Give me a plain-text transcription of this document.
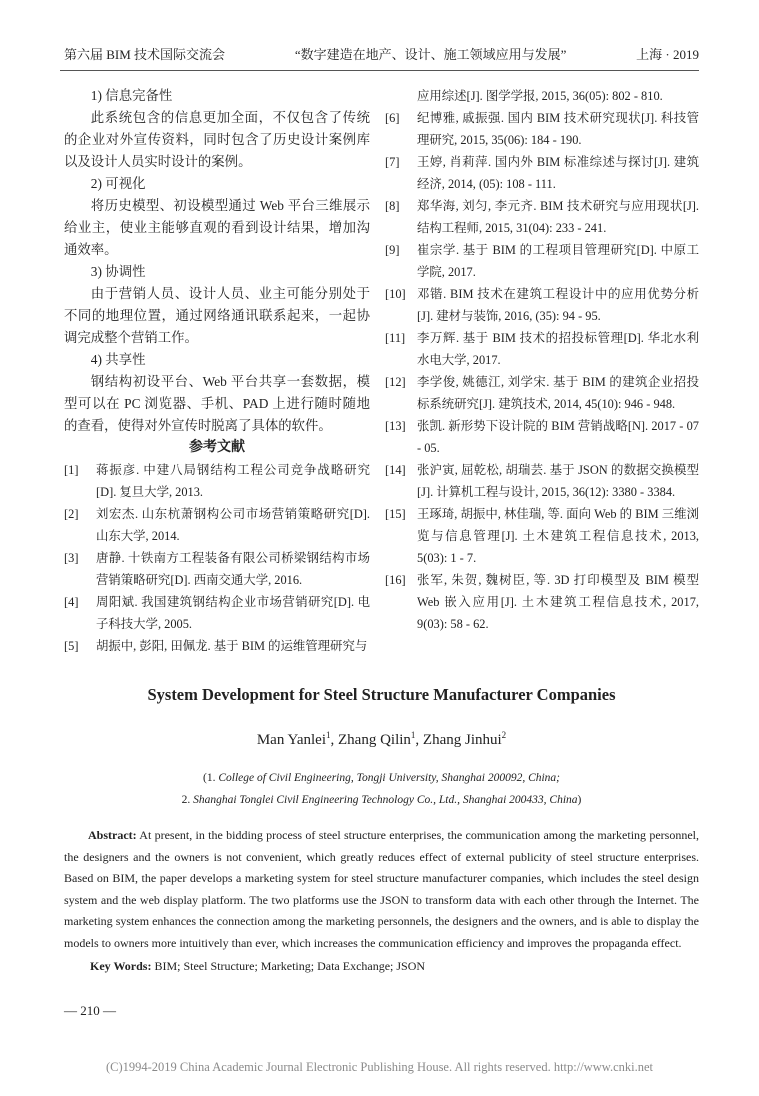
第六届 BIM 技术国际交流会	“数字建造在地产、设计、施工领域应用与发展”	上海 · 2019

1) 信息完备性

此系统包含的信息更加全面，不仅包含了传统的企业对外宣传资料，同时包含了历史设计案例库以及设计人员实时设计的案例。

2) 可视化

将历史模型、初设模型通过 Web 平台三维展示给业主，使业主能够直观的看到设计结果，增加沟通效率。

3) 协调性

由于营销人员、设计人员、业主可能分别处于不同的地理位置，通过网络通讯联系起来，一起协调完成整个营销工作。

4) 共享性

钢结构初设平台、Web 平台共享一套数据，模型可以在 PC 浏览器、手机、PAD 上进行随时随地的查看，使得对外宣传时脱离了具体的软件。

参考文献

[1]	蒋振彦. 中建八局钢结构工程公司竞争战略研究[D]. 复旦大学, 2013.
[2]	刘宏杰. 山东杭萧钢构公司市场营销策略研究[D]. 山东大学, 2014.
[3]	唐静. 十铁南方工程装备有限公司桥梁钢结构市场营销策略研究[D]. 西南交通大学, 2016.
[4]	周阳斌. 我国建筑钢结构企业市场营销研究[D]. 电子科技大学, 2005.
[5]	胡振中, 彭阳, 田佩龙. 基于 BIM 的运维管理研究与
应用综述[J]. 图学学报, 2015, 36(05): 802 - 810.
[6]	纪博雅, 戚振强. 国内 BIM 技术研究现状[J]. 科技管理研究, 2015, 35(06): 184 - 190.
[7]	王婷, 肖莉萍. 国内外 BIM 标准综述与探讨[J]. 建筑经济, 2014, (05): 108 - 111.
[8]	郑华海, 刘匀, 李元齐. BIM 技术研究与应用现状[J]. 结构工程师, 2015, 31(04): 233 - 241.
[9]	崔宗学. 基于 BIM 的工程项目管理研究[D]. 中原工学院, 2017.
[10] 邓锴. BIM 技术在建筑工程设计中的应用优势分析[J]. 建材与装饰, 2016, (35): 94 - 95.
[11] 李万辉. 基于 BIM 技术的招投标管理[D]. 华北水利水电大学, 2017.
[12] 李学俊, 姚德江, 刘学宋. 基于 BIM 的建筑企业招投标系统研究[J]. 建筑技术, 2014, 45(10): 946 - 948.
[13] 张凯. 新形势下设计院的 BIM 营销战略[N]. 2017 - 07 - 05.
[14] 张沪寅, 屈乾松, 胡瑞芸. 基于 JSON 的数据交换模型[J]. 计算机工程与设计, 2015, 36(12): 3380 - 3384.
[15] 王琢琦, 胡振中, 林佳瑞, 等. 面向 Web 的 BIM 三维浏览与信息管理[J]. 土木建筑工程信息技术, 2013, 5(03): 1 - 7.
[16] 张军, 朱贺, 魏树臣, 等. 3D 打印模型及 BIM 模型 Web 嵌入应用[J]. 土木建筑工程信息技术, 2017, 9(03): 58 - 62.
System Development for Steel Structure Manufacturer Companies
Man Yanlei$^1$, Zhang Qilin$^1$, Zhang Jinhui$^2$
(1. College of Civil Engineering, Tongji University, Shanghai 200092, China;
2. Shanghai Tonglei Civil Engineering Technology Co., Ltd., Shanghai 200433, China)

Abstract: At present, in the bidding process of steel structure enterprises, the communication among the marketing personnel, the designers and the owners is not convenient, which greatly reduces effect of external publicity of steel structure enterprises. Based on BIM, the paper develops a marketing system for steel structure manufacturer companies, which includes the steel design system and the web display platform. The two platforms use the JSON to transform data with each other through the Internet. The marketing system enhances the connection among the marketing personnels, the designers and the owners, and is able to display the models to owners more intuitively than ever, which increases the communication efficiency and improves the propaganda effect.

Key Words: BIM; Steel Structure; Marketing; Data Exchange; JSON
— 210 —
(C)1994-2019 China Academic Journal Electronic Publishing House. All rights reserved. http://www.cnki.net
